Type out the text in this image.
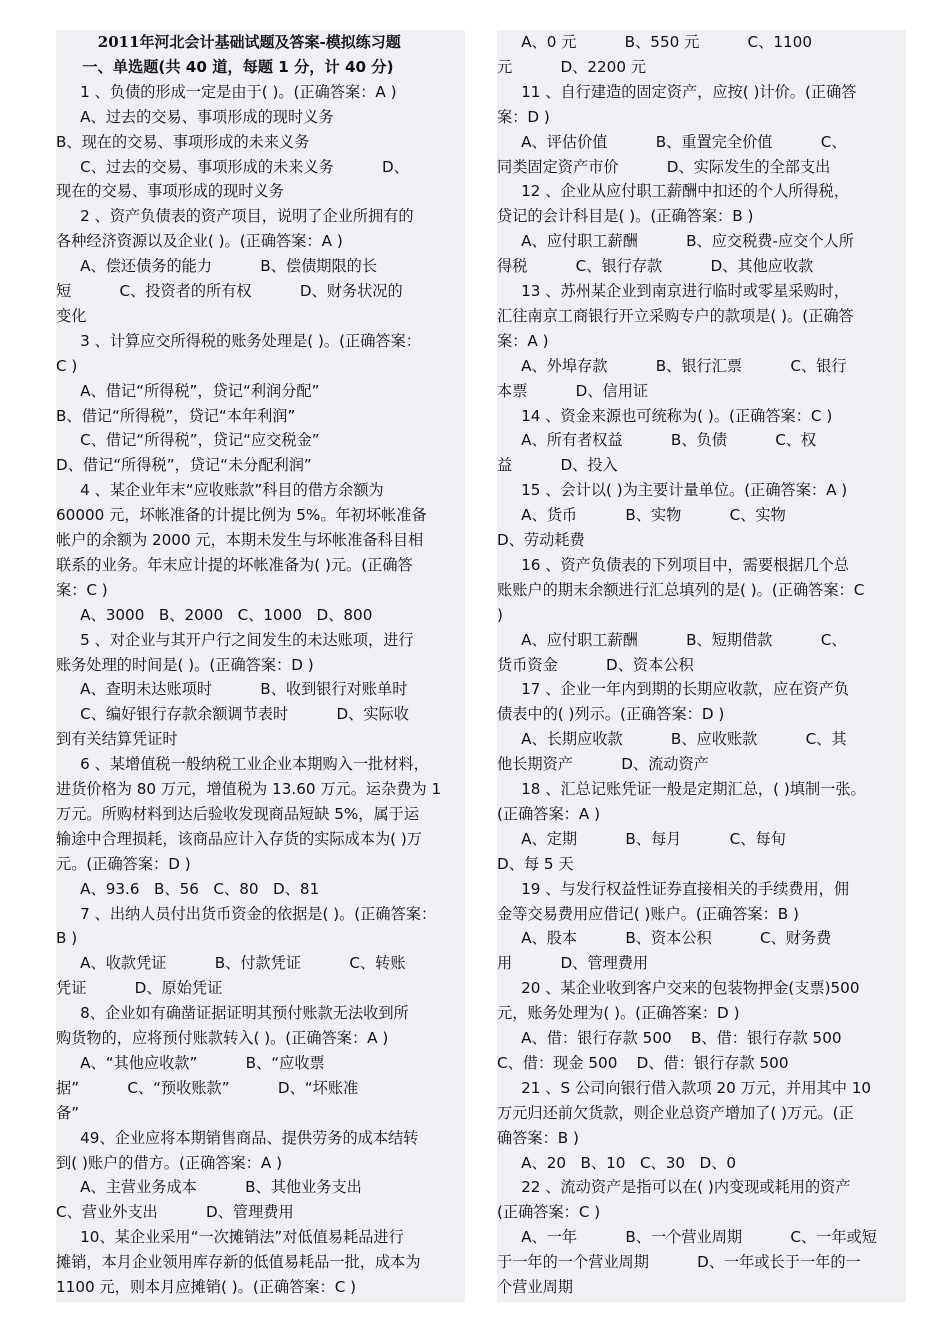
2011年河北会计基础试题及答案-模拟练习题
一、单选题(共 40 道，每题 1 分，计 40 分)
1 、负债的形成一定是由于( )。(正确答案：A )
A、过去的交易、事项形成的现时义务
B、现在的交易、事项形成的未来义务
C、过去的交易、事项形成的未来义务          D、
现在的交易、事项形成的现时义务
2 、资产负债表的资产项目，说明了企业所拥有的
各种经济资源以及企业( )。(正确答案：A )
A、偿还债务的能力          B、偿债期限的长
短          C、投资者的所有权          D、财务状况的
变化
3 、计算应交所得税的账务处理是( )。(正确答案：
C )
A、借记“所得税”，贷记“利润分配”
B、借记“所得税”，贷记“本年利润”
C、借记“所得税”，贷记“应交税金”
D、借记“所得税”，贷记“未分配利润”
4 、某企业年末“应收账款”科目的借方余额为
60000 元，坏帐准备的计提比例为 5%。年初坏帐准备
帐户的余额为 2000 元，本期未发生与坏帐准备科目相
联系的业务。年末应计提的坏帐准备为( )元。(正确答
案：C )
A、3000   B、2000   C、1000   D、800
5 、对企业与其开户行之间发生的未达账项，进行
账务处理的时间是( )。(正确答案：D )
A、查明未达账项时          B、收到银行对账单时
C、编好银行存款余额调节表时          D、实际收
到有关结算凭证时
6 、某增值税一般纳税工业企业本期购入一批材料，
进货价格为 80 万元，增值税为 13.60 万元。运杂费为 1
万元。所购材料到达后验收发现商品短缺 5%，属于运
输途中合理损耗，该商品应计入存货的实际成本为( )万
元。(正确答案：D )
A、93.6   B、56   C、80   D、81
7 、出纳人员付出货币资金的依据是( )。(正确答案：
B )
A、收款凭证          B、付款凭证          C、转账
凭证          D、原始凭证
8、企业如有确凿证据证明其预付账款无法收到所
购货物的，应将预付账款转入( )。(正确答案：A )
A、“其他应收款”          B、“应收票
据”          C、“预收账款”          D、“坏账准
备”
49、企业应将本期销售商品、提供劳务的成本结转
到( )账户的借方。(正确答案：A )
A、主营业务成本          B、其他业务支出
C、营业外支出          D、管理费用
10、某企业采用“一次摊销法”对低值易耗品进行
摊销，本月企业领用库存新的低值易耗品一批，成本为
1100 元，则本月应摊销( )。(正确答案：C )
A、0 元          B、550 元          C、1100
元          D、2200 元
11 、自行建造的固定资产，应按( )计价。(正确答
案：D )
A、评估价值          B、重置完全价值          C、
同类固定资产市价          D、实际发生的全部支出
12 、企业从应付职工薪酬中扣还的个人所得税，
贷记的会计科目是( )。(正确答案：B )
A、应付职工薪酬          B、应交税费-应交个人所
得税          C、银行存款          D、其他应收款
13 、苏州某企业到南京进行临时或零星采购时，
汇往南京工商银行开立采购专户的款项是( )。(正确答
案：A )
A、外埠存款          B、银行汇票          C、银行
本票          D、信用证
14 、资金来源也可统称为( )。(正确答案：C )
A、所有者权益          B、负债          C、权
益          D、投入
15 、会计以( )为主要计量单位。(正确答案：A )
A、货币          B、实物          C、实物
D、劳动耗费
16 、资产负债表的下列项目中，需要根据几个总
账账户的期末余额进行汇总填列的是( )。(正确答案：C
)
A、应付职工薪酬          B、短期借款          C、
货币资金          D、资本公积
17 、企业一年内到期的长期应收款，应在资产负
债表中的( )列示。(正确答案：D )
A、长期应收款          B、应收账款          C、其
他长期资产          D、流动资产
18 、汇总记账凭证一般是定期汇总，( )填制一张。
(正确答案：A )
A、定期          B、每月          C、每旬
D、每 5 天
19 、与发行权益性证券直接相关的手续费用，佣
金等交易费用应借记( )账户。(正确答案：B )
A、股本          B、资本公积          C、财务费
用          D、管理费用
20 、某企业收到客户交来的包装物押金(支票)500
元，账务处理为( )。(正确答案：D )
A、借：银行存款 500    B、借：银行存款 500
C、借：现金 500    D、借：银行存款 500
21 、S 公司向银行借入款项 20 万元，并用其中 10
万元归还前欠货款，则企业总资产增加了( )万元。(正
确答案：B )
A、20   B、10   C、30   D、0
22 、流动资产是指可以在( )内变现或耗用的资产
(正确答案：C )
A、一年          B、一个营业周期          C、一年或短
于一年的一个营业周期          D、一年或长于一年的一
个营业周期
